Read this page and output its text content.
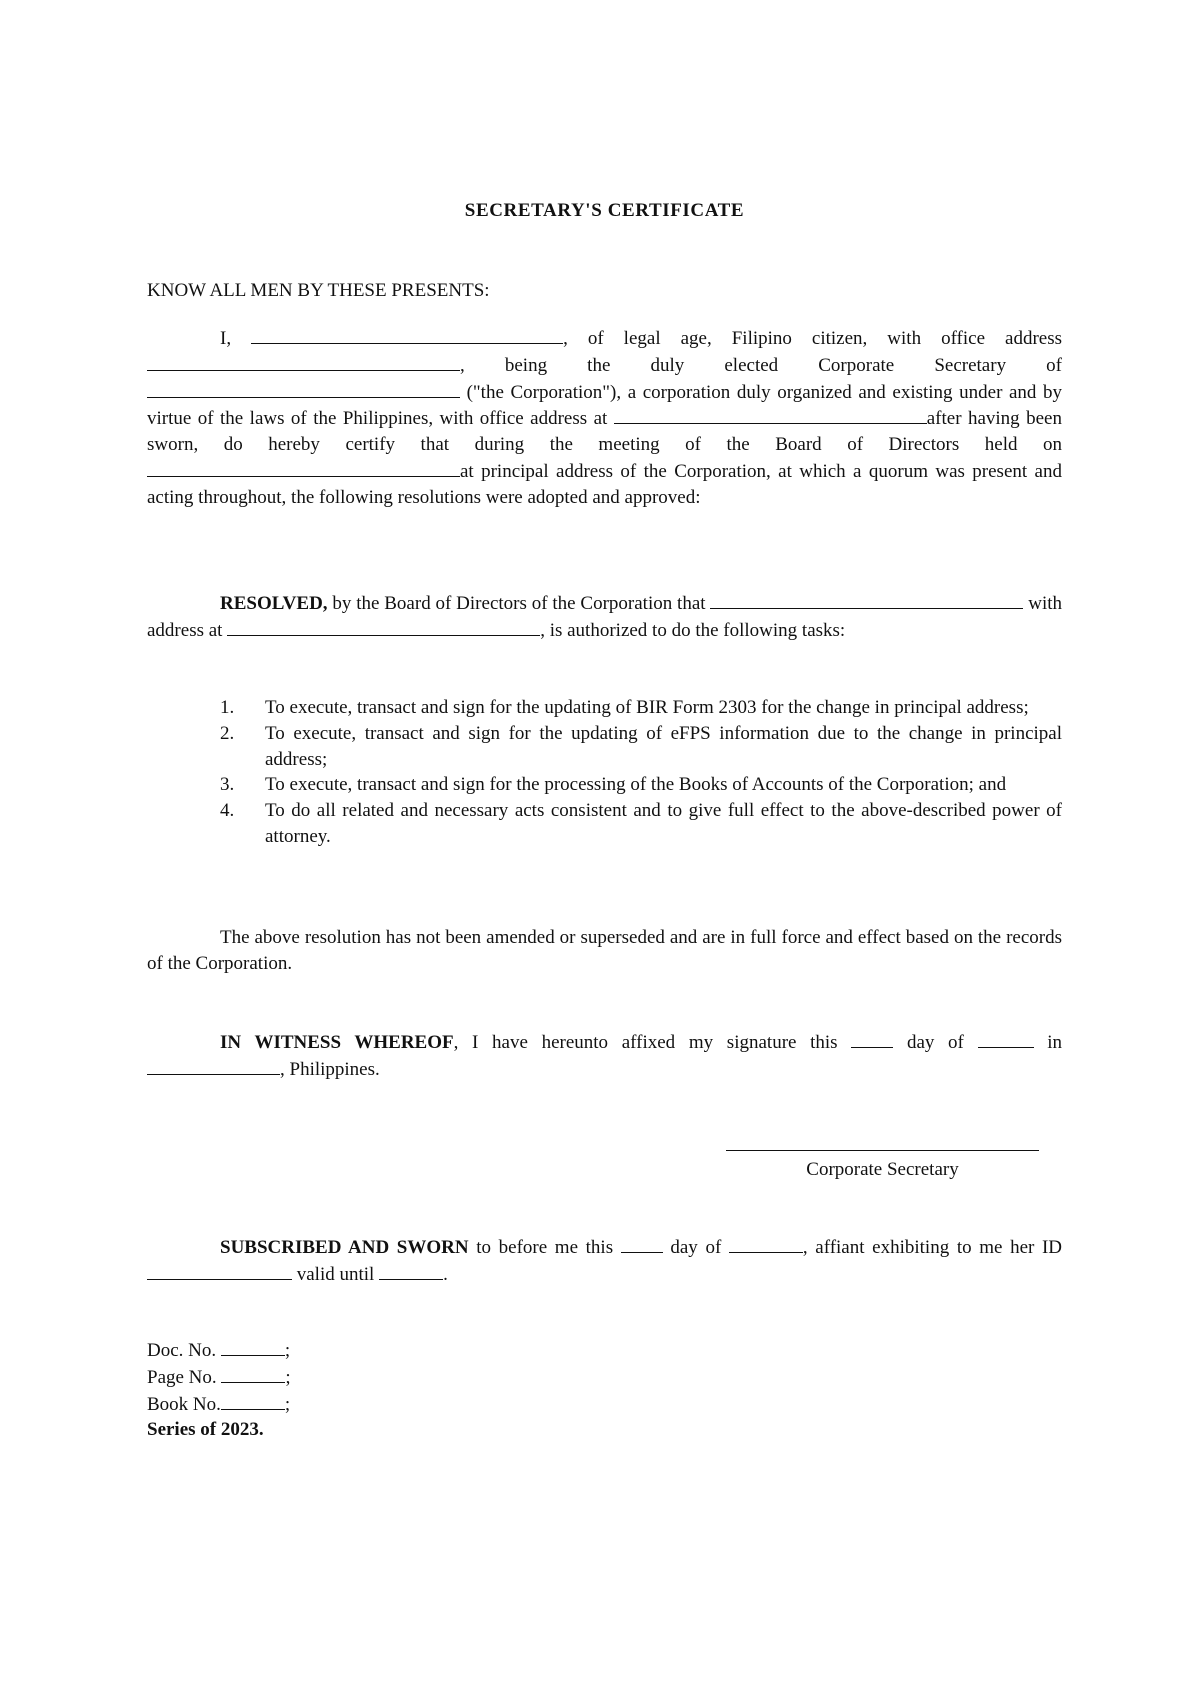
SECRETARY'S CERTIFICATE
KNOW ALL MEN BY THESE PRESENTS:
I,	, of legal age, Filipino citizen, with office address , being the duly elected Corporate Secretary of  ("the Corporation"), a corporation duly organized and existing under and by virtue of the laws of the Philippines, with office address at	after having been sworn, do hereby certify that during the meeting of the Board of Directors held on at principal address of the Corporation, at which a quorum was present and acting throughout, the following resolutions were adopted and approved:
RESOLVED, by the Board of Directors of the Corporation that	with address at	, is authorized to do the following tasks:
1. To execute, transact and sign for the updating of BIR Form 2303 for the change in principal address;
2. To execute, transact and sign for the updating of eFPS information due to the change in principal address;
3. To execute, transact and sign for the processing of the Books of Accounts of the Corporation; and
4. To do all related and necessary acts consistent and to give full effect to the above-described power of attorney.
The above resolution has not been amended or superseded and are in full force and effect based on the records of the Corporation.
IN WITNESS WHEREOF, I have hereunto affixed my signature this	day of	in , Philippines.
Corporate Secretary
SUBSCRIBED AND SWORN to before me this	day of	, affiant exhibiting to me her ID  valid until	.
Doc. No.	;
Page No.	;
Book No.	;
Series of 2023.
